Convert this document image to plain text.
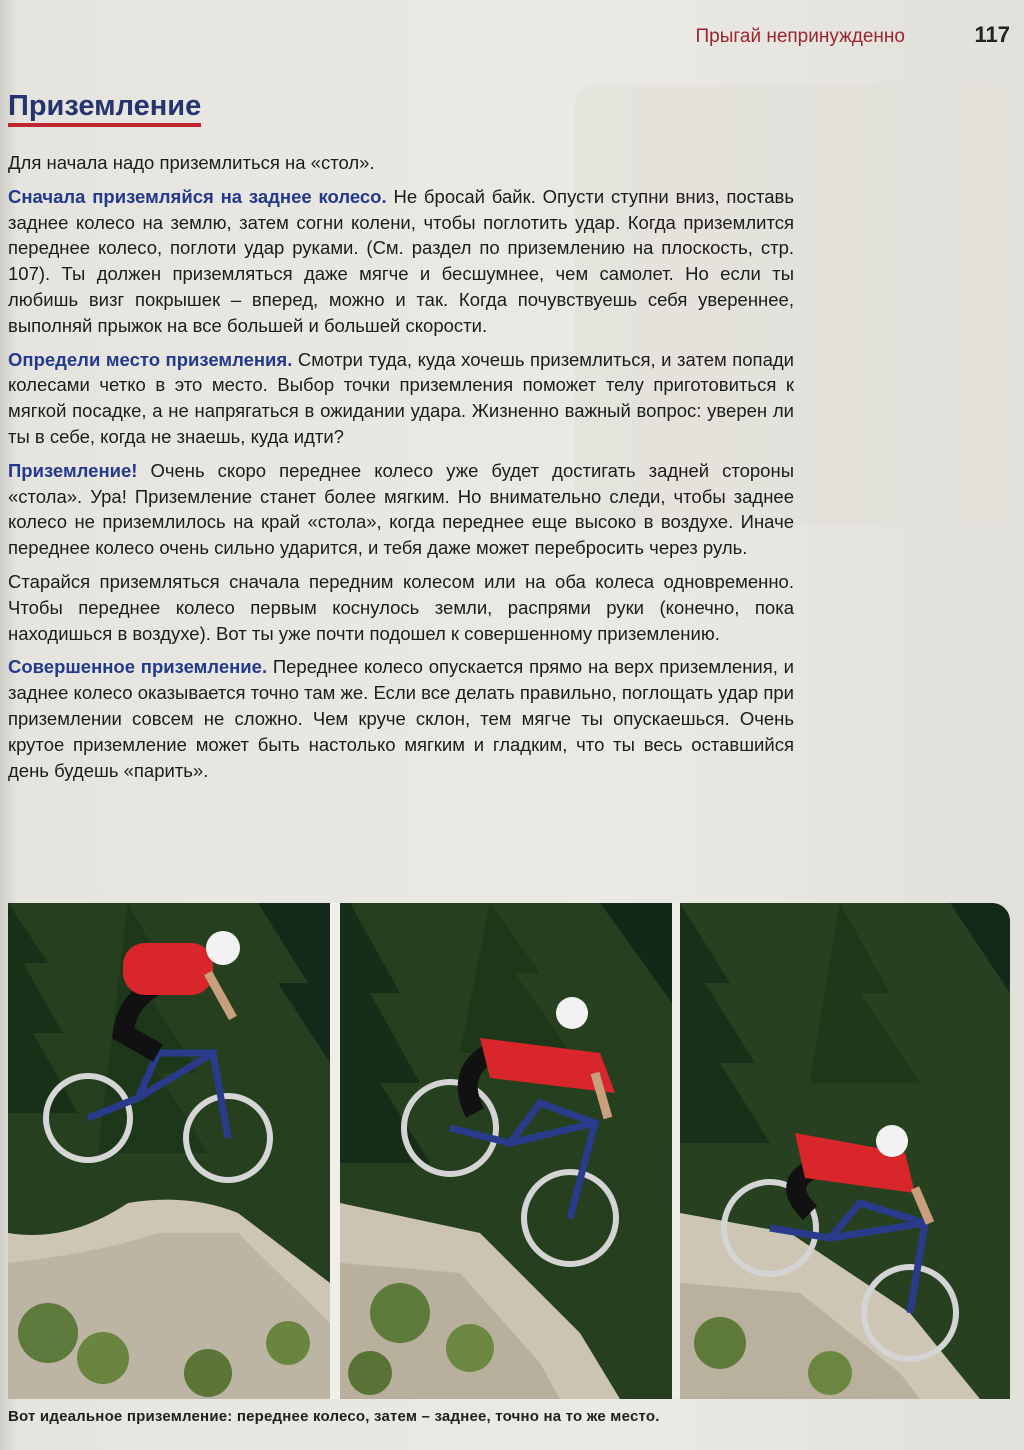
Прыгай непринужденно	117
Приземление

Для начала надо приземлиться на «стол».

Сначала приземляйся на заднее колесо. Не бросай байк. Опусти ступни вниз, поставь заднее колесо на землю, затем согни колени, чтобы поглотить удар. Когда приземлится переднее колесо, поглоти удар руками. (См. раздел по приземлению на плоскость, стр. 107). Ты должен приземляться даже мягче и бесшумнее, чем самолет. Но если ты любишь визг покрышек – вперед, можно и так. Когда почувствуешь себя увереннее, выполняй прыжок на все большей и большей скорости.

Определи место приземления. Смотри туда, куда хочешь приземлиться, и затем попади колесами четко в это место. Выбор точки приземления поможет телу приготовиться к мягкой посадке, а не напрягаться в ожидании удара. Жизненно важный вопрос: уверен ли ты в себе, когда не знаешь, куда идти?

Приземление! Очень скоро переднее колесо уже будет достигать задней стороны «стола». Ура! Приземление станет более мягким. Но внимательно следи, чтобы заднее колесо не приземлилось на край «стола», когда переднее еще высоко в воздухе. Иначе переднее колесо очень сильно ударится, и тебя даже может перебросить через руль.

Старайся приземляться сначала передним колесом или на оба колеса одновременно. Чтобы переднее колесо первым коснулось земли, распрями руки (конечно, пока находишься в воздухе). Вот ты уже почти подошел к совершенному приземлению.

Совершенное приземление. Переднее колесо опускается прямо на верх приземления, и заднее колесо оказывается точно там же. Если все делать правильно, поглощать удар при приземлении совсем не сложно. Чем круче склон, тем мягче ты опускаешься. Очень крутое приземление может быть настолько мягким и гладким, что ты весь оставшийся день будешь «парить».

Вот идеальное приземление: переднее колесо, затем – заднее, точно на то же место.
